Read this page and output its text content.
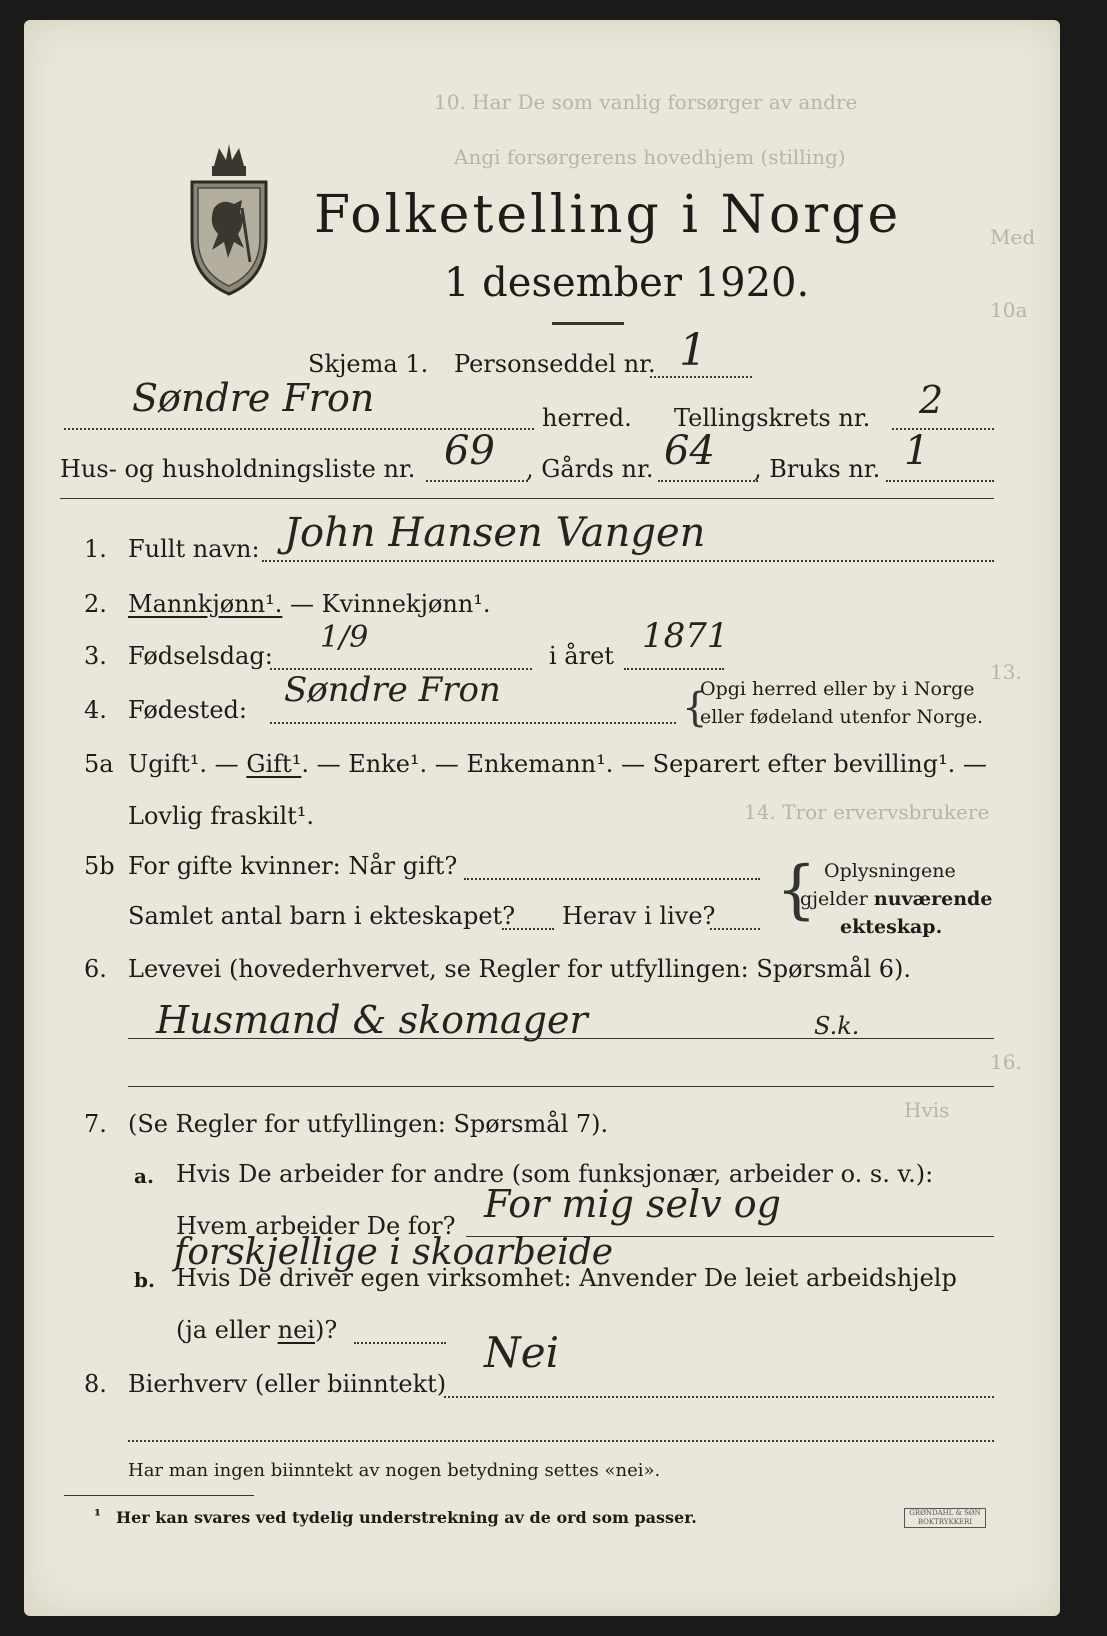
10. Har De som vanlig forsørger av andre
Angi forsørgerens hovedhjem (stilling)
Med
10a
13.
14. Tror ervervsbrukere
16.
Hvis
Folketelling i Norge
1 desember 1920.
Skjema 1. Personseddel nr. 1
Søndre Fron	herred. Tellingskrets nr. 2
Hus- og husholdningsliste nr. 69 , Gårds nr. 64 , Bruks nr. 1
1. Fullt navn: John Hansen Vangen
2. Mannkjønn¹. — Kvinnekjønn¹.
3. Fødselsdag:
1/9
i året 1871
4. Fødested: Søndre Fron	{
Opgi herred eller by i Norge
eller fødeland utenfor Norge.
5a Ugift¹. — Gift¹. — Enke¹. — Enkemann¹. — Separert efter bevilling¹. —
Lovlig fraskilt¹.
5b For gifte kvinner: Når gift?
Samlet antal barn i ekteskapet? Herav i live? { Oplysningene
gjelder nuværende
ekteskap.
6. Levevei (hovederhvervet, se Regler for utfyllingen: Spørsmål 6).
Husmand & skomager	S.k.
7. (Se Regler for utfyllingen: Spørsmål 7).
a. Hvis De arbeider for andre (som funksjonær, arbeider o. s. v.):
Hvem arbeider De for? For mig selv og
forskjellige i skoarbeide
b. Hvis De driver egen virksomhet: Anvender De leiet arbeidshjelp
(ja eller nei)?
8. Bierhverv (eller biinntekt)
Nei
Har man ingen biinntekt av nogen betydning settes «nei».
¹ Her kan svares ved tydelig understrekning av de ord som passer.	GRØNDAHL & SØN BOKTRYKKERI
